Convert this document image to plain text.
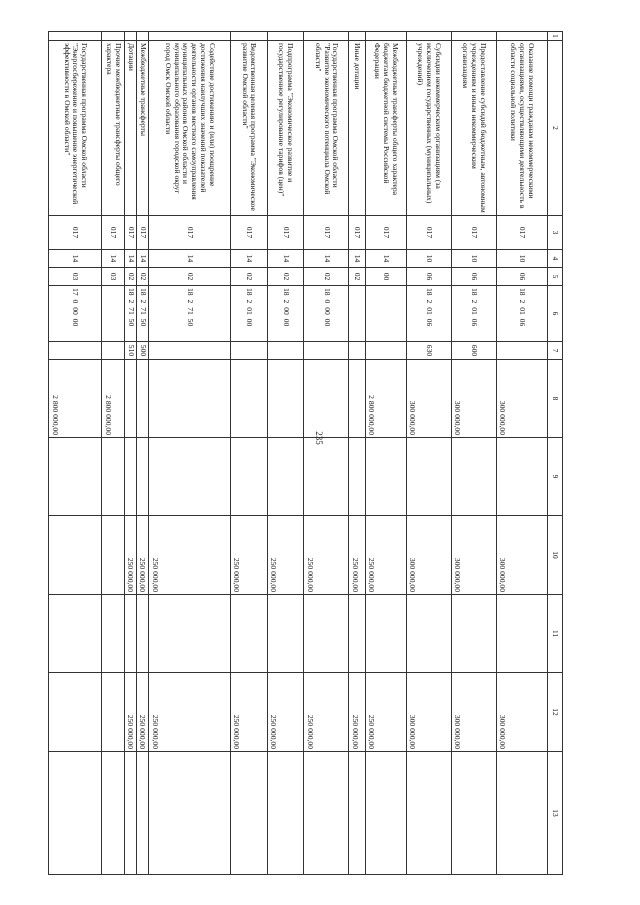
235
1	2	3	4	5	6	7	8	9	10	11	12	13
	Оказание помощи гражданам некоммерческими организациями, осуществляющими деятельность в области социальной политики	017	10	06	18 2 01 06		300 000,00		300 000,00		300 000,00	
	Предоставление субсидий бюджетным, автономным учреждениям и иным некоммерческим организациям	017	10	06	18 2 01 06	600	300 000,00		300 000,00		300 000,00	
	Субсидии некоммерческим организациям (за исключением государственных (муниципальных) учреждений)	017	10	06	18 2 01 06	630	300 000,00		300 000,00		300 000,00	
	Межбюджетные трансферты общего характера бюджетам бюджетной системы Российской Федерации	017	14	00			2 800 000,00		250 000,00		250 000,00	
	Иные дотации	017	14	02					250 000,00		250 000,00	
	Государственная программа Омской области "Развитие экономического потенциала Омской области"	017	14	02	18 0 00 00				250 000,00		250 000,00	
	Подпрограмма "Экономическое развитие и государственное регулирование тарифов (цен)"	017	14	02	18 2 00 00				250 000,00		250 000,00	
	Ведомственная целевая программа "Экономическое развитие Омской области"	017	14	02	18 2 01 00				250 000,00		250 000,00	
	Содействие достижению и (или) поощрение достижения наилучших значений показателей деятельности органов местного самоуправления муниципальных районов Омской области и муниципального образования городской округ город Омск Омской области	017	14	02	18 2 71 50				250 000,00		250 000,00	
	Межбюджетные трансферты	017	14	02	18 2 71 50	500			250 000,00		250 000,00	
	Дотации	017	14	02	18 2 71 50	510			250 000,00		250 000,00	
	Прочие межбюджетные трансферты общего характера	017	14	03			2 800 000,00					
	Государственная программа Омской области "Энергосбережение и повышение энергетической эффективности в Омской области"	017	14	03	17 0 00 00		2 800 000,00					
